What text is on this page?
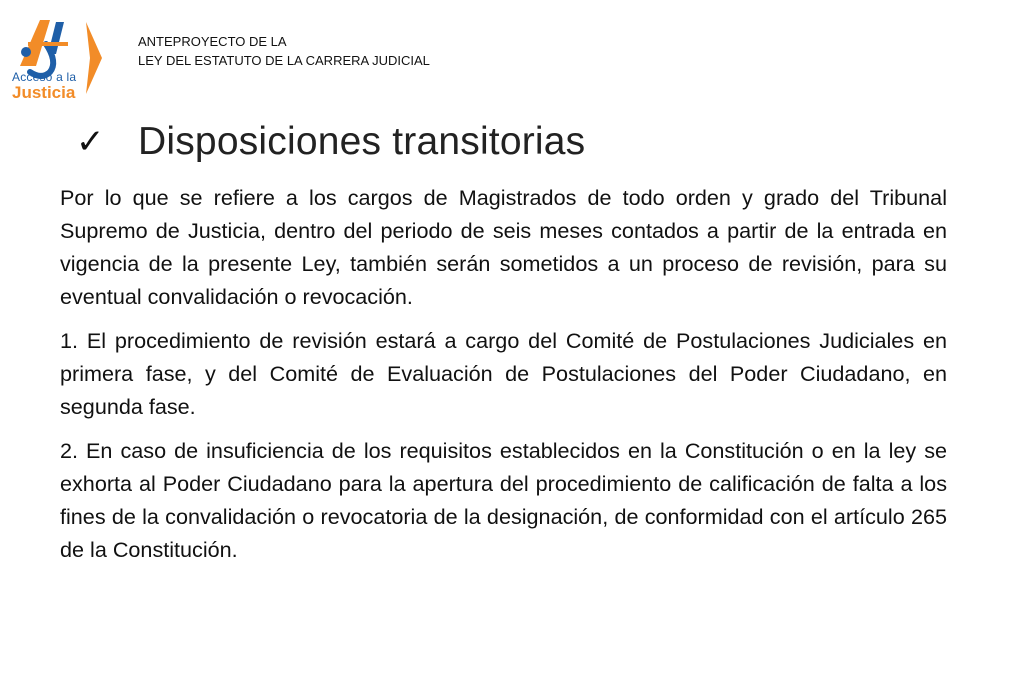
Acceso a la
Justicia
ANTEPROYECTO DE LA
LEY DEL ESTATUTO DE LA CARRERA JUDICIAL
✓ Disposiciones transitorias

Por lo que se refiere a los cargos de Magistrados de todo orden y grado del Tribunal Supremo de Justicia, dentro del periodo de seis meses contados a partir de la entrada en vigencia de la presente Ley, también serán sometidos a un proceso de revisión, para su eventual convalidación o revocación.

1. El procedimiento de revisión estará a cargo del Comité de Postulaciones Judiciales en primera fase, y del Comité de Evaluación de Postulaciones del Poder Ciudadano, en segunda fase.

2. En caso de insuficiencia de los requisitos establecidos en la Constitución o en la ley se exhorta al Poder Ciudadano para la apertura del procedimiento de calificación de falta a los fines de la convalidación o revocatoria de la designación, de conformidad con el artículo 265 de la Constitución.
